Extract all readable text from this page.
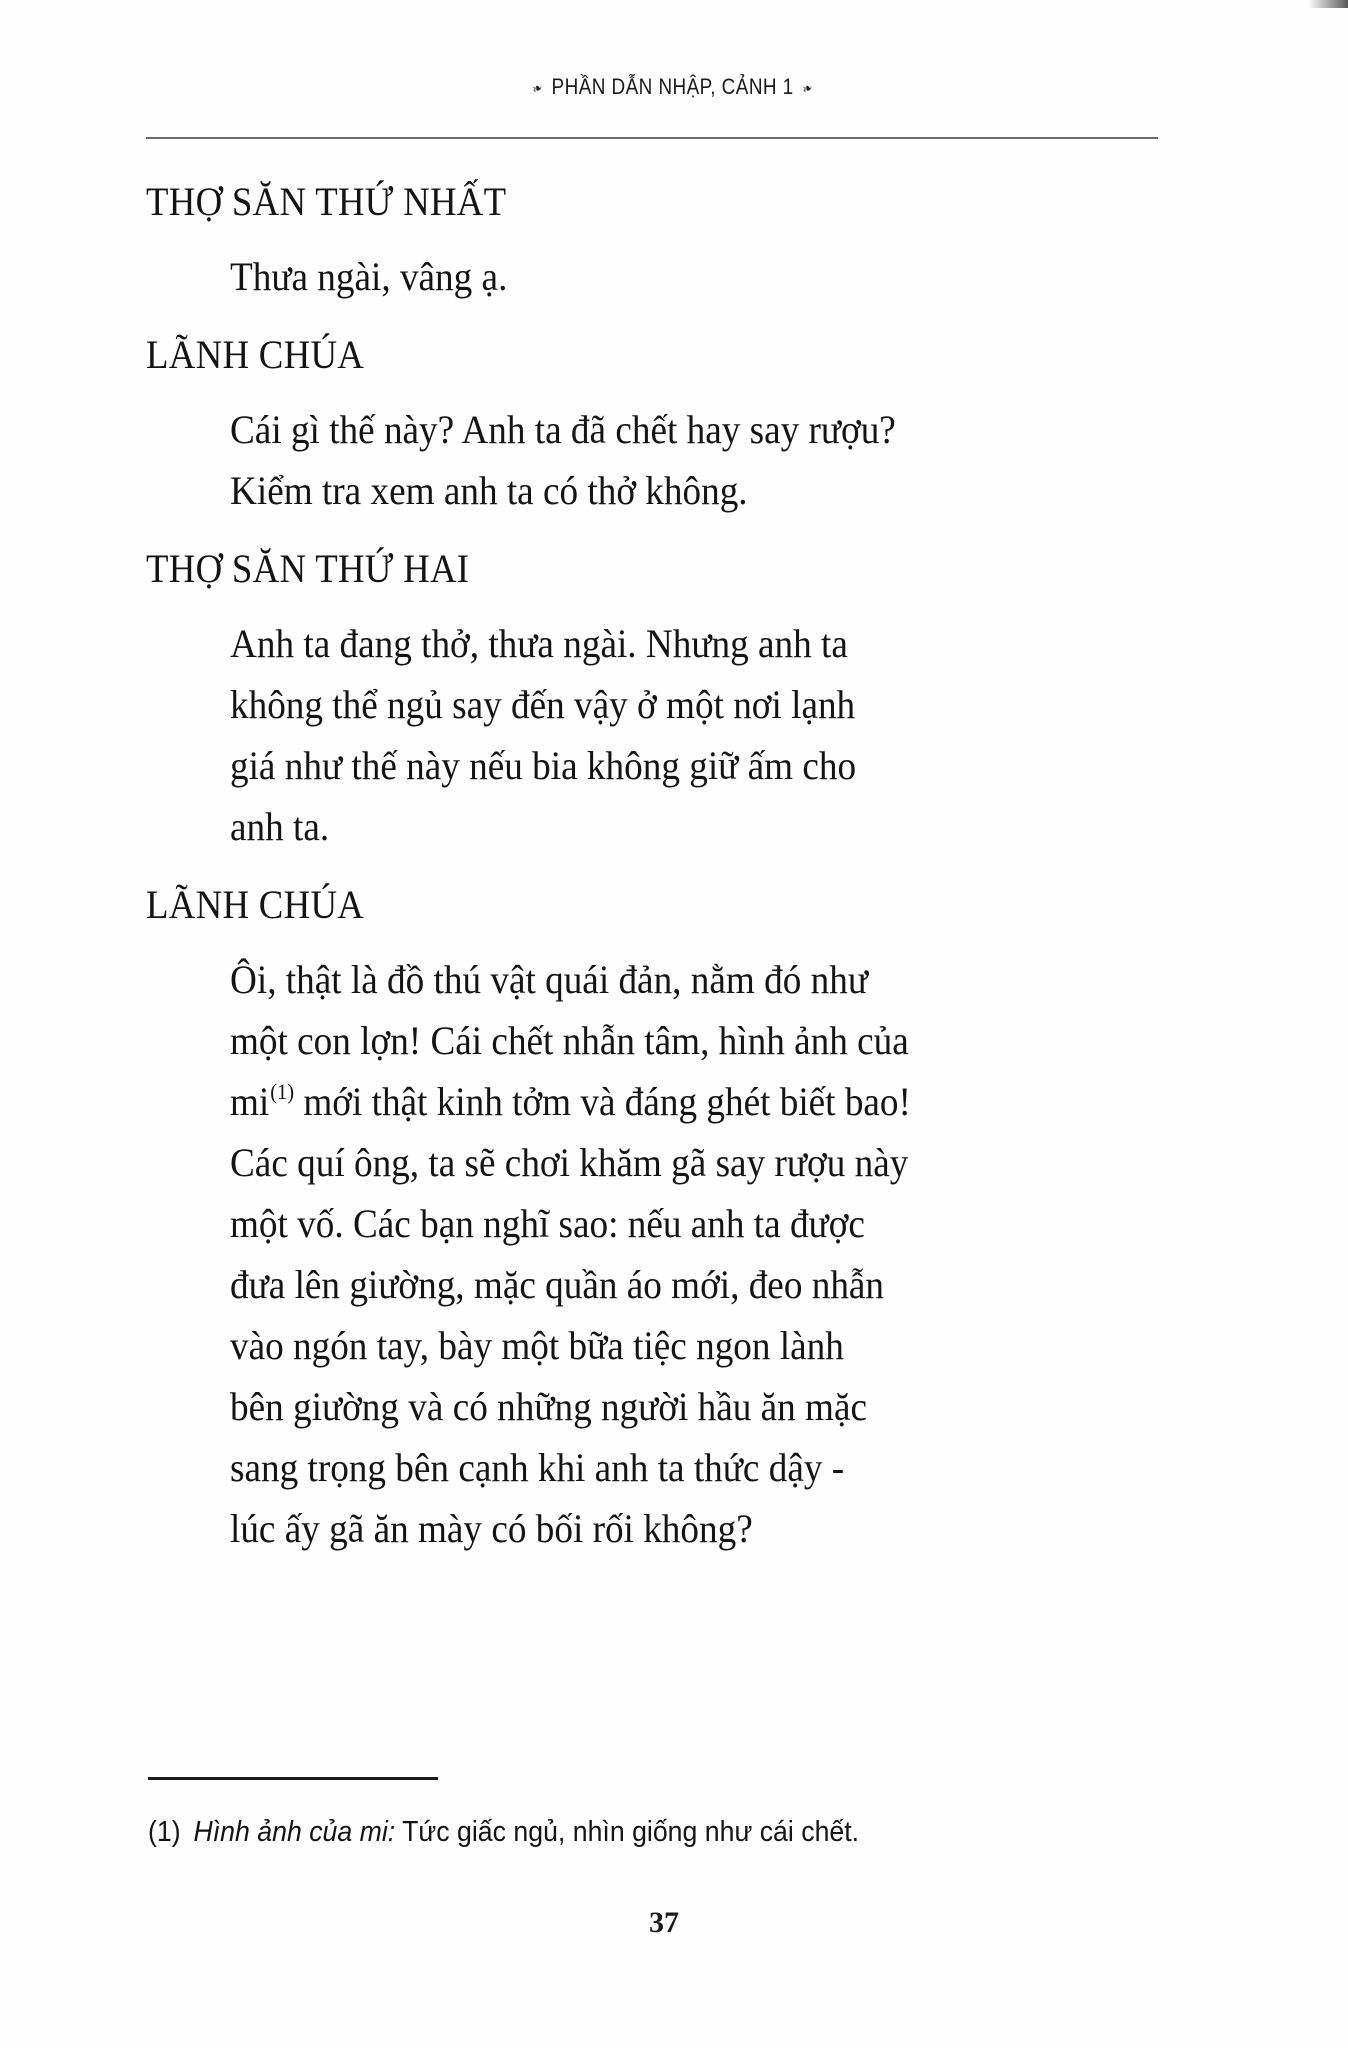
❧ PHẦN DẪN NHẬP, CẢNH 1 ❧

THỢ SĂN THỨ NHẤT

Thưa ngài, vâng ạ.

LÃNH CHÚA

Cái gì thế này? Anh ta đã chết hay say rượu?
Kiểm tra xem anh ta có thở không.

THỢ SĂN THỨ HAI

Anh ta đang thở, thưa ngài. Nhưng anh ta
không thể ngủ say đến vậy ở một nơi lạnh
giá như thế này nếu bia không giữ ấm cho
anh ta.

LÃNH CHÚA

Ôi, thật là đồ thú vật quái đản, nằm đó như
một con lợn! Cái chết nhẫn tâm, hình ảnh của
mi$^{(1)}$ mới thật kinh tởm và đáng ghét biết bao!
Các quí ông, ta sẽ chơi khăm gã say rượu này
một vố. Các bạn nghĩ sao: nếu anh ta được
đưa lên giường, mặc quần áo mới, đeo nhẫn
vào ngón tay, bày một bữa tiệc ngon lành
bên giường và có những người hầu ăn mặc
sang trọng bên cạnh khi anh ta thức dậy -
lúc ấy gã ăn mày có bối rối không?
(1) Hình ảnh của mi: Tức giấc ngủ, nhìn giống như cái chết.
37
